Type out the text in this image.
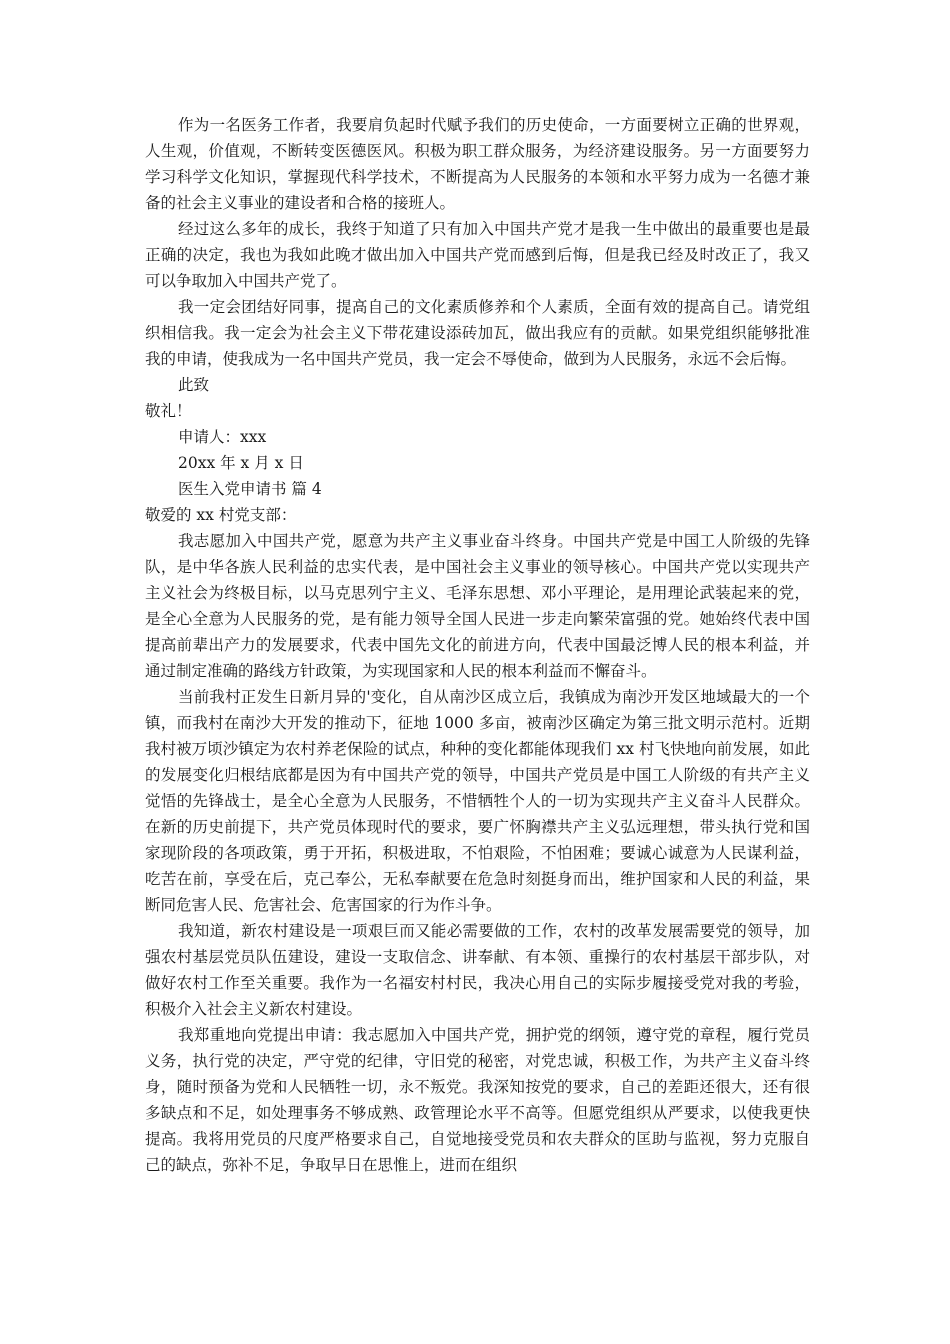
作为一名医务工作者，我要肩负起时代赋予我们的历史使命，一方面要树立正确的世界观，人生观，价值观，不断转变医德医风。积极为职工群众服务，为经济建设服务。另一方面要努力学习科学文化知识，掌握现代科学技术，不断提高为人民服务的本领和水平努力成为一名德才兼备的社会主义事业的建设者和合格的接班人。

经过这么多年的成长，我终于知道了只有加入中国共产党才是我一生中做出的最重要也是最正确的决定，我也为我如此晚才做出加入中国共产党而感到后悔，但是我已经及时改正了，我又可以争取加入中国共产党了。

我一定会团结好同事，提高自己的文化素质修养和个人素质，全面有效的提高自己。请党组织相信我。我一定会为社会主义下带花建设添砖加瓦，做出我应有的贡献。如果党组织能够批准我的申请，使我成为一名中国共产党员，我一定会不辱使命，做到为人民服务，永远不会后悔。

此致

敬礼！

申请人：xxx

20xx 年 x 月 x 日

医生入党申请书 篇 4

敬爱的 xx 村党支部：

我志愿加入中国共产党，愿意为共产主义事业奋斗终身。中国共产党是中国工人阶级的先锋队，是中华各族人民利益的忠实代表，是中国社会主义事业的领导核心。中国共产党以实现共产主义社会为终极目标，以马克思列宁主义、毛泽东思想、邓小平理论，是用理论武装起来的党，是全心全意为人民服务的党，是有能力领导全国人民进一步走向繁荣富强的党。她始终代表中国提高前辈出产力的发展要求，代表中国先文化的前进方向，代表中国最泛博人民的根本利益，并通过制定准确的路线方针政策，为实现国家和人民的根本利益而不懈奋斗。

当前我村正发生日新月异的'变化，自从南沙区成立后，我镇成为南沙开发区地域最大的一个镇，而我村在南沙大开发的推动下，征地 1000 多亩，被南沙区确定为第三批文明示范村。近期我村被万顷沙镇定为农村养老保险的试点，种种的变化都能体现我们 xx 村飞快地向前发展，如此的发展变化归根结底都是因为有中国共产党的领导，中国共产党员是中国工人阶级的有共产主义觉悟的先锋战士，是全心全意为人民服务，不惜牺牲个人的一切为实现共产主义奋斗人民群众。在新的历史前提下，共产党员体现时代的要求，要广怀胸襟共产主义弘远理想，带头执行党和国家现阶段的各项政策，勇于开拓，积极进取，不怕艰险，不怕困难；要诚心诚意为人民谋利益，吃苦在前，享受在后，克己奉公，无私奉献要在危急时刻挺身而出，维护国家和人民的利益，果断同危害人民、危害社会、危害国家的行为作斗争。

我知道，新农村建设是一项艰巨而又能必需要做的工作，农村的改革发展需要党的领导，加强农村基层党员队伍建设，建设一支取信念、讲奉献、有本领、重操行的农村基层干部步队，对做好农村工作至关重要。我作为一名福安村村民，我决心用自己的实际步履接受党对我的考验，积极介入社会主义新农村建设。

我郑重地向党提出申请：我志愿加入中国共产党，拥护党的纲领，遵守党的章程，履行党员义务，执行党的决定，严守党的纪律，守旧党的秘密，对党忠诚，积极工作，为共产主义奋斗终身，随时预备为党和人民牺牲一切，永不叛党。我深知按党的要求，自己的差距还很大，还有很多缺点和不足，如处理事务不够成熟、政管理论水平不高等。但愿党组织从严要求，以使我更快提高。我将用党员的尺度严格要求自己，自觉地接受党员和农夫群众的匡助与监视，努力克服自己的缺点，弥补不足，争取早日在思惟上，进而在组织
